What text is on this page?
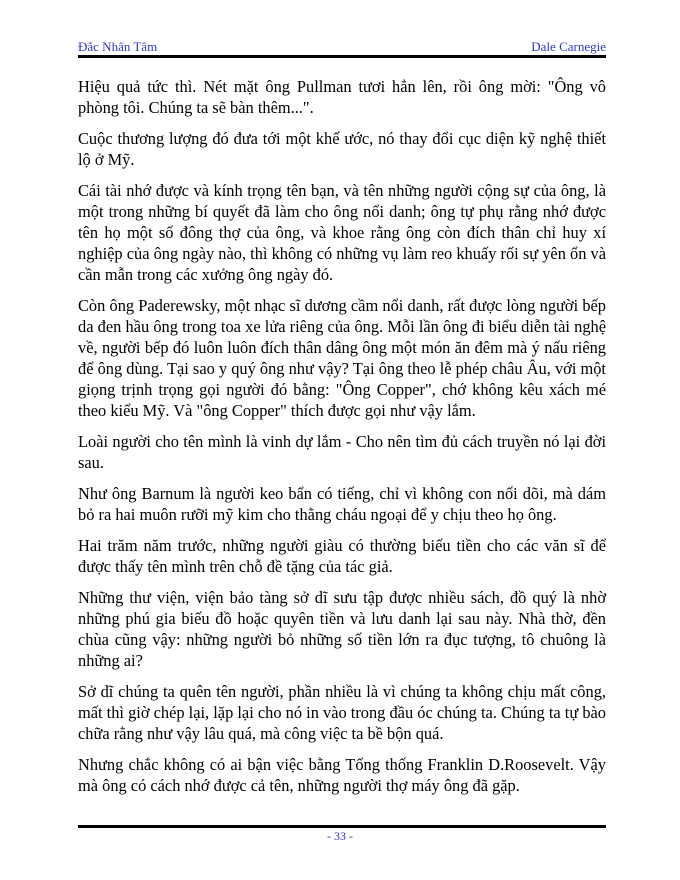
Đắc Nhân Tâm	Dale Carnegie

Hiệu quả tức thì. Nét mặt ông Pullman tươi hẳn lên, rồi ông mời: "Ông vô phòng tôi. Chúng ta sẽ bàn thêm...".

Cuộc thương lượng đó đưa tới một khế ước, nó thay đổi cục diện kỹ nghệ thiết lộ ở Mỹ.

Cái tài nhớ được và kính trọng tên bạn, và tên những người cộng sự của ông, là một trong những bí quyết đã làm cho ông nổi danh; ông tự phụ rằng nhớ được tên họ một số đông thợ của ông, và khoe rằng ông còn đích thân chỉ huy xí nghiệp của ông ngày nào, thì không có những vụ làm reo khuấy rối sự yên ổn và cần mẫn trong các xưởng ông ngày đó.

Còn ông Paderewsky, một nhạc sĩ dương cầm nổi danh, rất được lòng người bếp da đen hầu ông trong toa xe lửa riêng của ông. Mỗi lần ông đi biểu diễn tài nghệ về, người bếp đó luôn luôn đích thân dâng ông một món ăn đêm mà ý nấu riêng để ông dùng. Tại sao y quý ông như vậy? Tại ông theo lễ phép châu Âu, với một giọng trịnh trọng gọi người đó bằng: "Ông Copper", chớ không kêu xách mé theo kiểu Mỹ. Và "ông Copper" thích được gọi như vậy lắm.

Loài người cho tên mình là vinh dự lắm - Cho nên tìm đủ cách truyền nó lại đời sau.

Như ông Barnum là người keo bẩn có tiếng, chỉ vì không con nối dõi, mà dám bỏ ra hai muôn rưỡi mỹ kim cho thằng cháu ngoại để y chịu theo họ ông.

Hai trăm năm trước, những người giàu có thường biếu tiền cho các văn sĩ để được thấy tên mình trên chỗ đề tặng của tác giả.

Những thư viện, viện bảo tàng sở dĩ sưu tập được nhiều sách, đồ quý là nhờ những phú gia biếu đồ hoặc quyên tiền và lưu danh lại sau này. Nhà thờ, đền chùa cũng vậy: những người bỏ những số tiền lớn ra đục tượng, tô chuông là những ai?

Sở dĩ chúng ta quên tên người, phần nhiều là vì chúng ta không chịu mất công, mất thì giờ chép lại, lặp lại cho nó in vào trong đầu óc chúng ta. Chúng ta tự bào chữa rằng như vậy lâu quá, mà công việc ta bề bộn quá.

Nhưng chắc không có ai bận việc bằng Tổng thống Franklin D.Roosevelt. Vậy mà ông có cách nhớ được cả tên, những người thợ máy ông đã gặp.

- 33 -
